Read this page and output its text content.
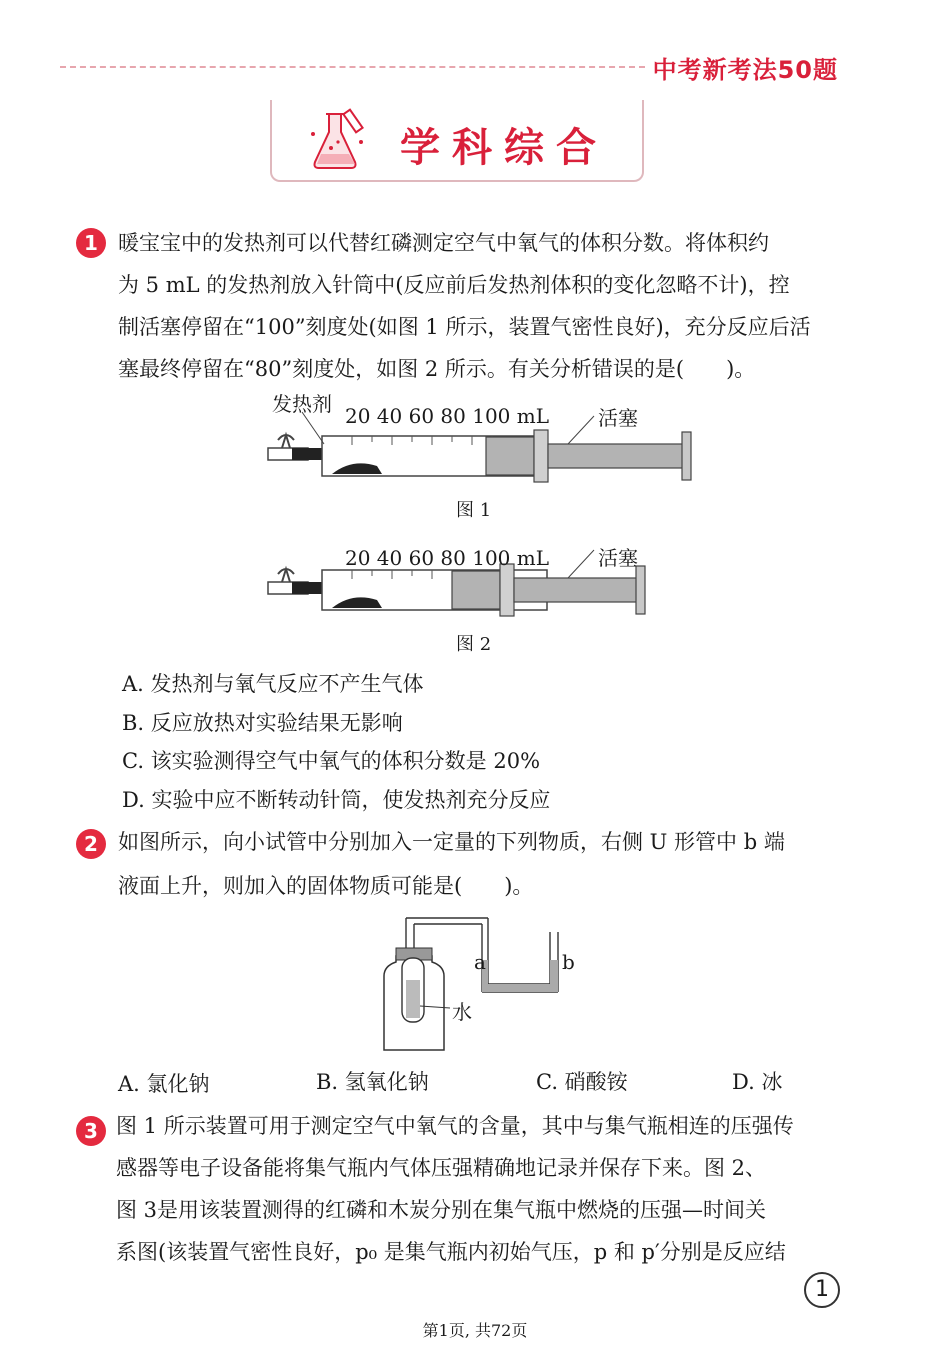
中考新考法50题
学科综合
1 暖宝宝中的发热剂可以代替红磷测定空气中氧气的体积分数。将体积约
为 5 mL 的发热剂放入针筒中(反应前后发热剂体积的变化忽略不计)，控
制活塞停留在“100”刻度处(如图 1 所示，装置气密性良好)，充分反应后活
塞最终停留在“80”刻度处，如图 2 所示。有关分析错误的是(　　)。
发热剂 20 40 60 80 100 mL 活塞
图 1
20 40 60 80 100 mL 活塞
图 2
A. 发热剂与氧气反应不产生气体
B. 反应放热对实验结果无影响
C. 该实验测得空气中氧气的体积分数是 20%
D. 实验中应不断转动针筒，使发热剂充分反应
2 如图所示，向小试管中分别加入一定量的下列物质，右侧 U 形管中 b 端
液面上升，则加入的固体物质可能是(　　)。
a	b
水
A. 氯化钠	B. 氢氧化钠	C. 硝酸铵	D. 冰
3 图 1 所示装置可用于测定空气中氧气的含量，其中与集气瓶相连的压强传
感器等电子设备能将集气瓶内气体压强精确地记录并保存下来。图 2、
图 3是用该装置测得的红磷和木炭分别在集气瓶中燃烧的压强—时间关
系图(该装置气密性良好，p₀ 是集气瓶内初始气压，p 和 p′分别是反应结
1
第1页, 共72页
